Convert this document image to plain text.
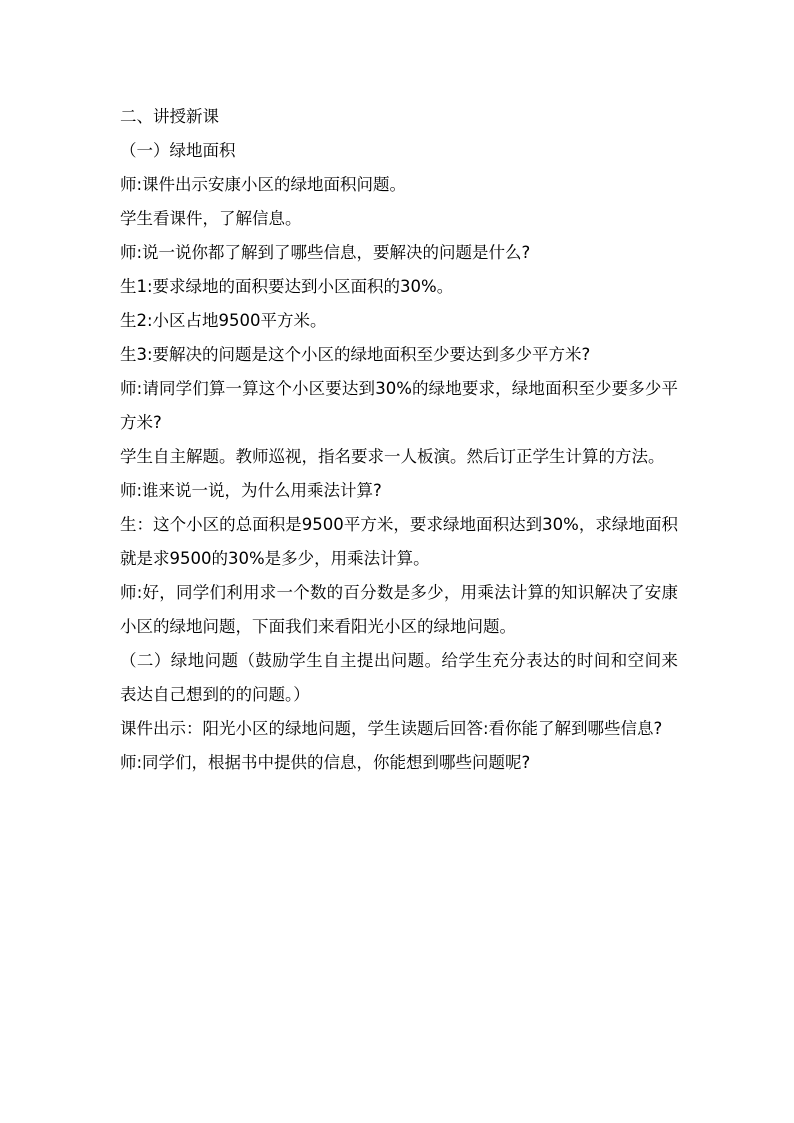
二、讲授新课

（一）绿地面积

师:课件出示安康小区的绿地面积问题。

学生看课件，了解信息。

师:说一说你都了解到了哪些信息，要解决的问题是什么?

生1:要求绿地的面积要达到小区面积的30%。

生2:小区占地9500平方米。

生3:要解决的问题是这个小区的绿地面积至少要达到多少平方米?

师:请同学们算一算这个小区要达到30%的绿地要求，绿地面积至少要多少平方米?

学生自主解题。教师巡视，指名要求一人板演。然后订正学生计算的方法。

师:谁来说一说，为什么用乘法计算?

生：这个小区的总面积是9500平方米，要求绿地面积达到30%，求绿地面积就是求9500的30%是多少，用乘法计算。

师:好，同学们利用求一个数的百分数是多少，用乘法计算的知识解决了安康小区的绿地问题，下面我们来看阳光小区的绿地问题。

（二）绿地问题（鼓励学生自主提出问题。给学生充分表达的时间和空间来表达自己想到的的问题。）

课件出示：阳光小区的绿地问题，学生读题后回答:看你能了解到哪些信息?

师:同学们，根据书中提供的信息，你能想到哪些问题呢?
